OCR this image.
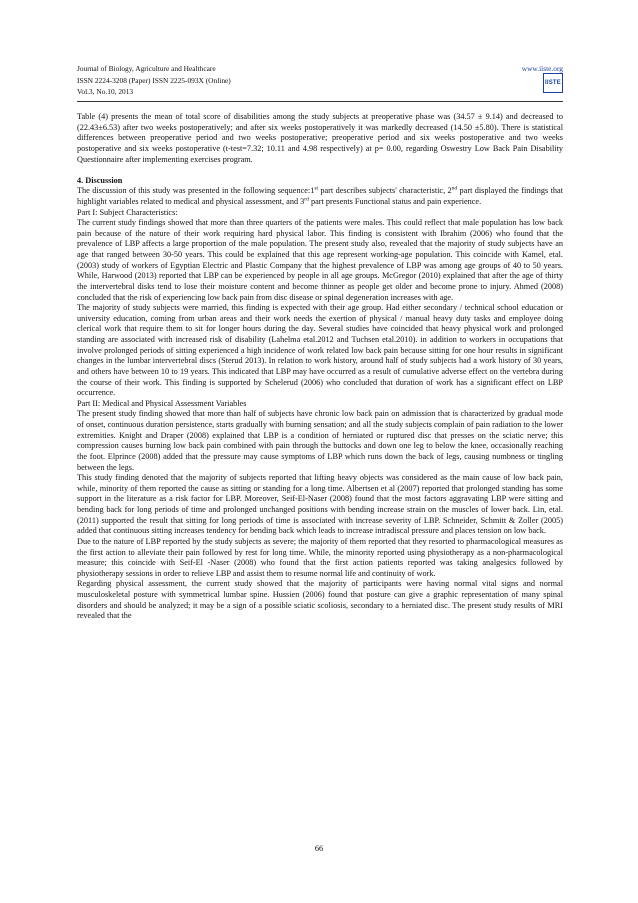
Journal of Biology, Agriculture and Healthcare
ISSN 2224-3208 (Paper) ISSN 2225-093X (Online)
Vol.3, No.10, 2013
www.iiste.org
IISTE

Table (4) presents the mean of total score of disabilities among the study subjects at preoperative phase was (34.57 ± 9.14) and decreased to (22.43±6.53) after two weeks postoperatively; and after six weeks postoperatively it was markedly decreased (14.50 ±5.80). There is statistical differences between preoperative period and two weeks postoperative; preoperative period and six weeks postoperative and two weeks postoperative and six weeks postoperative (t-test=7.32; 10.11 and 4.98 respectively) at p= 0.00, regarding Oswestry Low Back Pain Disability Questionnaire after implementing exercises program.

4. Discussion

The discussion of this study was presented in the following sequence:1st part describes subjects' characteristic, 2nd part displayed the findings that highlight variables related to medical and physical assessment, and 3rd part presents Functional status and pain experience.

Part I: Subject Characteristics:

The current study findings showed that more than three quarters of the patients were males. This could reflect that male population has low back pain because of the nature of their work requiring hard physical labor. This finding is consistent with Ibrahim (2006) who found that the prevalence of LBP affects a large proportion of the male population. The present study also, revealed that the majority of study subjects have an age that ranged between 30-50 years. This could be explained that this age represent working-age population. This coincide with Kamel, etal.(2003) study of workers of Egyptian Electric and Plastic Company that the highest prevalence of LBP was among age groups of 40 to 50 years. While, Harwood (2013) reported that LBP can be experienced by people in all age groups. McGregor (2010) explained that after the age of thirty the intervertebral disks tend to lose their moisture content and become thinner as people get older and become prone to injury. Ahmed (2008) concluded that the risk of experiencing low back pain from disc disease or spinal degeneration increases with age.

The majority of study subjects were married, this finding is expected with their age group. Had either secondary / technical school education or university education, coming from urban areas and their work needs the exertion of physical / manual heavy duty tasks and employee doing clerical work that require them to sit for longer hours during the day. Several studies have coincided that heavy physical work and prolonged standing are associated with increased risk of disability (Lahelma etal.2012 and Tuchsen etal.2010). in addition to workers in occupations that involve prolonged periods of sitting experienced a high incidence of work related low back pain because sitting for one hour results in significant changes in the lumbar intervertebral discs (Sterud 2013). In relation to work history, around half of study subjects had a work history of 30 years, and others have between 10 to 19 years. This indicated that LBP may have occurred as a result of cumulative adverse effect on the vertebra during the course of their work. This finding is supported by Schelerud (2006) who concluded that duration of work has a significant effect on LBP occurrence.

Part II: Medical and Physical Assessment Variables

The present study finding showed that more than half of subjects have chronic low back pain on admission that is characterized by gradual mode of onset, continuous duration persistence, starts gradually with burning sensation; and all the study subjects complain of pain radiation to the lower extremities. Knight and Draper (2008) explained that LBP is a condition of herniated or ruptured disc that presses on the sciatic nerve; this compression causes burning low back pain combined with pain through the buttocks and down one leg to below the knee, occasionally reaching the foot. Elprince (2008) added that the pressure may cause symptoms of LBP which runs down the back of legs, causing numbness or tingling between the legs.

This study finding denoted that the majority of subjects reported that lifting heavy objects was considered as the main cause of low back pain, while, minority of them reported the cause as sitting or standing for a long time. Albertsen et al (2007) reported that prolonged standing has some support in the literature as a risk factor for LBP. Moreover, Seif-El-Naser (2008) found that the most factors aggravating LBP were sitting and bending back for long periods of time and prolonged unchanged positions with bending increase strain on the muscles of lower back. Lin, etal.(2011) supported the result that sitting for long periods of time is associated with increase severity of LBP. Schneider, Schmitt & Zoller (2005) added that continuous sitting increases tendency for bending back which leads to increase intradiscal pressure and places tension on low back.

Due to the nature of LBP reported by the study subjects as severe; the majority of them reported that they resorted to pharmacological measures as the first action to alleviate their pain followed by rest for long time. While, the minority reported using physiotherapy as a non-pharmacological measure; this coincide with Seif-El -Naser (2008) who found that the first action patients reported was taking analgesics followed by physiotherapy sessions in order to relieve LBP and assist them to resume normal life and continuity of work.

Regarding physical assessment, the current study showed that the majority of participants were having normal vital signs and normal musculoskeletal posture with symmetrical lumbar spine. Hussien (2006) found that posture can give a graphic representation of many spinal disorders and should be analyzed; it may be a sign of a possible sciatic scoliosis, secondary to a herniated disc. The present study results of MRI revealed that the

66
